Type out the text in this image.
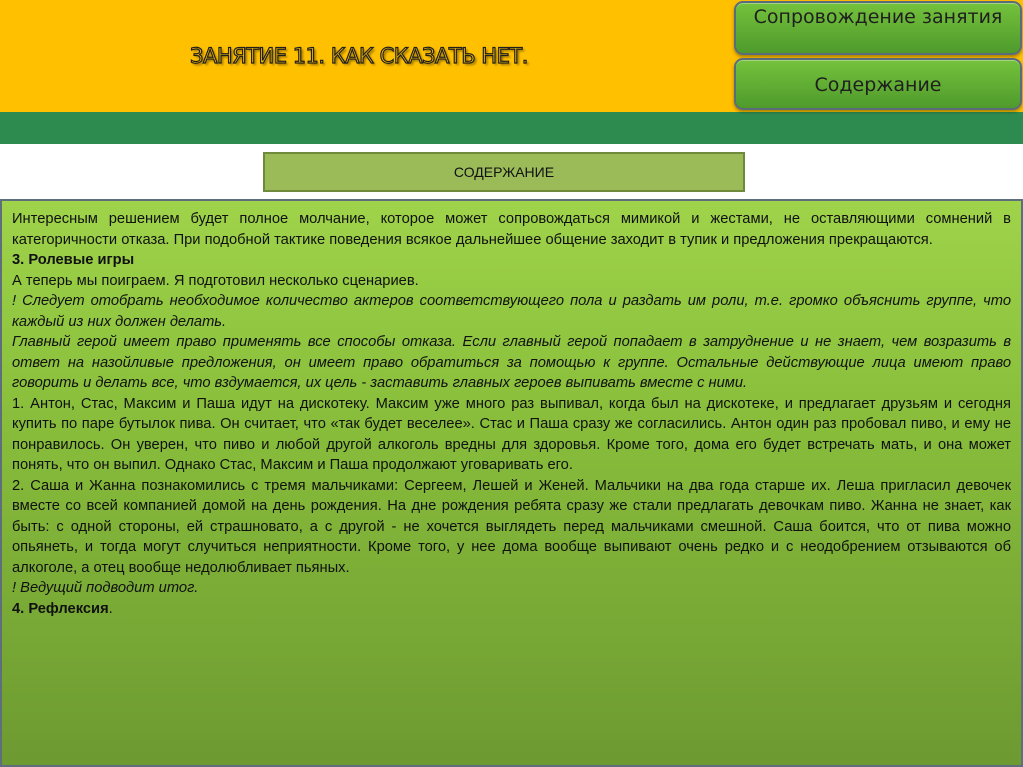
ЗАНЯТИЕ 11. КАК СКАЗАТЬ НЕТ.
Сопровождение занятия
Содержание
СОДЕРЖАНИЕ

Интересным решением будет полное молчание, которое может сопровождаться мимикой и жестами, не оставляющими сомнений в категоричности отказа. При подобной тактике поведения всякое дальнейшее общение заходит в тупик и предложения прекращаются.

3. Ролевые игры

А теперь мы поиграем. Я подготовил несколько сценариев.

! Следует отобрать необходимое количество актеров соответствующего пола и раздать им роли, т.е. громко объяснить группе, что каждый из них должен делать.

Главный герой имеет право применять все способы отказа. Если главный герой попадает в затруднение и не знает, чем возразить в ответ на назойливые предложения, он имеет право обратиться за помощью к группе. Остальные действующие лица имеют право говорить и делать все, что вздумается, их цель - заставить главных героев выпивать вместе с ними.

1. Антон, Стас, Максим и Паша идут на дискотеку. Максим уже много раз выпивал, когда был на дискотеке, и предлагает друзьям и сегодня купить по паре бутылок пива. Он считает, что «так будет веселее». Стас и Паша сразу же согласились. Антон один раз пробовал пиво, и ему не понравилось. Он уверен, что пиво и любой другой алкоголь вредны для здоровья. Кроме того, дома его будет встречать мать, и она может понять, что он выпил. Однако Стас, Максим и Паша продолжают уговаривать его.

2. Саша и Жанна познакомились с тремя мальчиками: Сергеем, Лешей и Женей. Мальчики на два года старше их. Леша пригласил девочек вместе со всей компанией домой на день рождения. На дне рождения ребята сразу же стали предлагать девочкам пиво. Жанна не знает, как быть: с одной стороны, ей страшновато, а с другой - не хочется выглядеть перед мальчиками смешной. Саша боится, что от пива можно опьянеть, и тогда могут случиться неприятности. Кроме того, у нее дома вообще выпивают очень редко и с неодобрением отзываются об алкоголе, а отец вообще недолюбливает пьяных.

! Ведущий подводит итог.

4. Рефлексия.
